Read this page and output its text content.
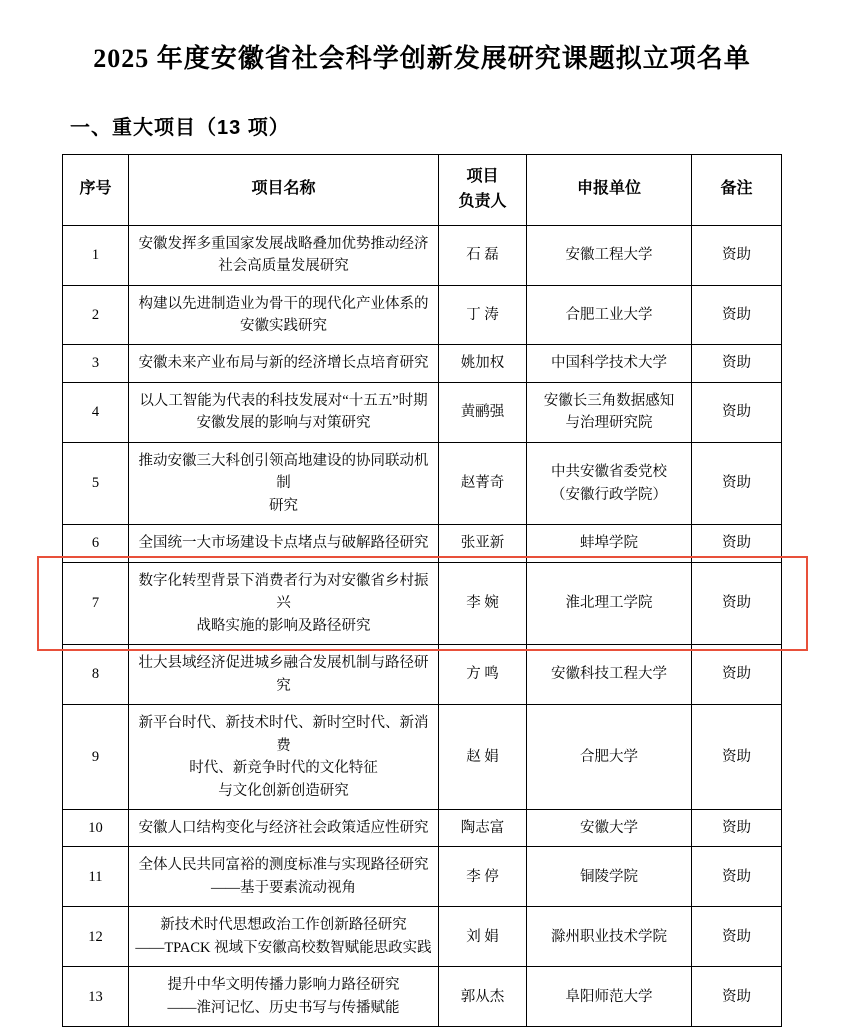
2025 年度安徽省社会科学创新发展研究课题拟立项名单
一、重大项目（13 项）
序号	项目名称	项目
负责人	申报单位	备注
1	安徽发挥多重国家发展战略叠加优势推动经济
社会高质量发展研究	石 磊	安徽工程大学	资助
2	构建以先进制造业为骨干的现代化产业体系的
安徽实践研究	丁 涛	合肥工业大学	资助
3	安徽未来产业布局与新的经济增长点培育研究	姚加权	中国科学技术大学	资助
4	以人工智能为代表的科技发展对“十五五”时期
安徽发展的影响与对策研究	黄鹂强	安徽长三角数据感知
与治理研究院	资助
5	推动安徽三大科创引领高地建设的协同联动机制
研究	赵菁奇	中共安徽省委党校
（安徽行政学院）	资助
6	全国统一大市场建设卡点堵点与破解路径研究	张亚新	蚌埠学院	资助
7	数字化转型背景下消费者行为对安徽省乡村振兴
战略实施的影响及路径研究	李 婉	淮北理工学院	资助
8	壮大县域经济促进城乡融合发展机制与路径研究	方 鸣	安徽科技工程大学	资助
9	新平台时代、新技术时代、新时空时代、新消费
时代、新竞争时代的文化特征
与文化创新创造研究	赵 娟	合肥大学	资助
10	安徽人口结构变化与经济社会政策适应性研究	陶志富	安徽大学	资助
11	全体人民共同富裕的测度标准与实现路径研究
——基于要素流动视角	李 停	铜陵学院	资助
12	新技术时代思想政治工作创新路径研究
——TPACK 视域下安徽高校数智赋能思政实践	刘 娟	滁州职业技术学院	资助
13	提升中华文明传播力影响力路径研究
——淮河记忆、历史书写与传播赋能	郭从杰	阜阳师范大学	资助
